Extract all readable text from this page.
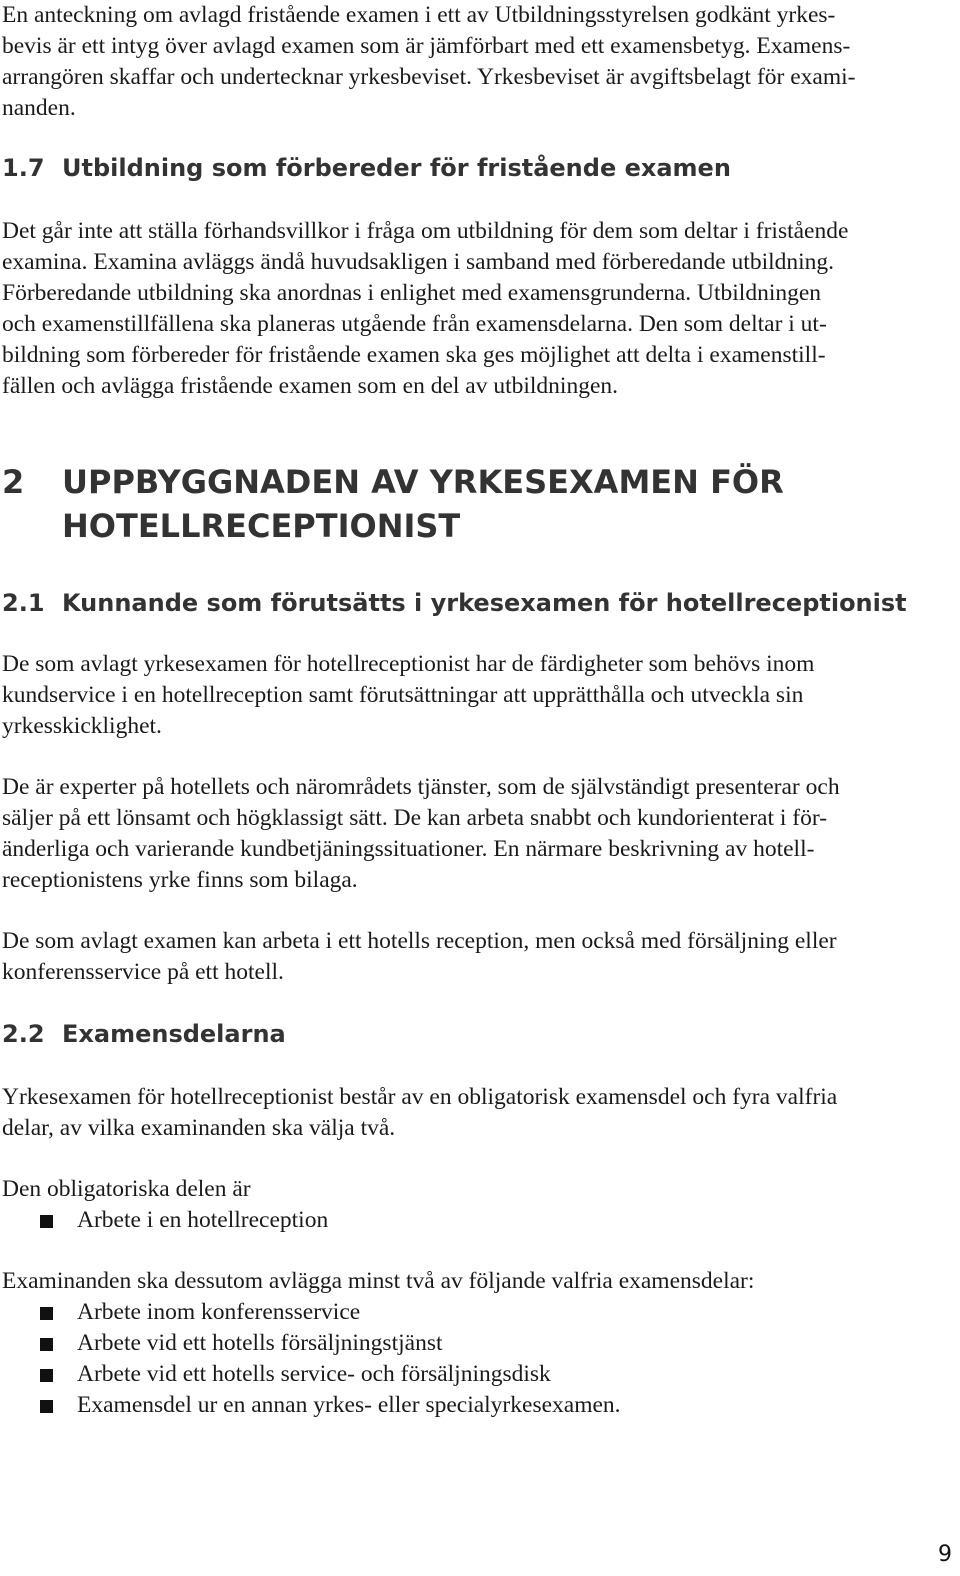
En anteckning om avlagd fristående examen i ett av Utbildningsstyrelsen godkänt yrkes-
bevis är ett intyg över avlagd examen som är jämförbart med ett examensbetyg. Examens-
arrangören skaffar och undertecknar yrkesbeviset. Yrkesbeviset är avgiftsbelagt för exami-
nanden.
1.7 Utbildning som förbereder för fristående examen
Det går inte att ställa förhandsvillkor i fråga om utbildning för dem som deltar i fristående
examina. Examina avläggs ändå huvudsakligen i samband med förberedande utbildning.
Förberedande utbildning ska anordnas i enlighet med examensgrunderna. Utbildningen
och examenstillfällena ska planeras utgående från examensdelarna. Den som deltar i ut-
bildning som förbereder för fristående examen ska ges möjlighet att delta i examenstill-
fällen och avlägga fristående examen som en del av utbildningen.
2 UPPBYGGNADEN AV YRKESEXAMEN FÖR
HOTELLRECEPTIONIST
2.1 Kunnande som förutsätts i yrkesexamen för hotellreceptionist
De som avlagt yrkesexamen för hotellreceptionist har de färdigheter som behövs inom
kundservice i en hotellreception samt förutsättningar att upprätthålla och utveckla sin
yrkesskicklighet.
De är experter på hotellets och närområdets tjänster, som de självständigt presenterar och
säljer på ett lönsamt och högklassigt sätt. De kan arbeta snabbt och kundorienterat i för-
änderliga och varierande kundbetjäningssituationer. En närmare beskrivning av hotell-
receptionistens yrke finns som bilaga.
De som avlagt examen kan arbeta i ett hotells reception, men också med försäljning eller
konferensservice på ett hotell.
2.2 Examensdelarna
Yrkesexamen för hotellreceptionist består av en obligatorisk examensdel och fyra valfria
delar, av vilka examinanden ska välja två.
Den obligatoriska delen är
Arbete i en hotellreception
Examinanden ska dessutom avlägga minst två av följande valfria examensdelar:
Arbete inom konferensservice
Arbete vid ett hotells försäljningstjänst
Arbete vid ett hotells service- och försäljningsdisk
Examensdel ur en annan yrkes- eller specialyrkesexamen.
9
